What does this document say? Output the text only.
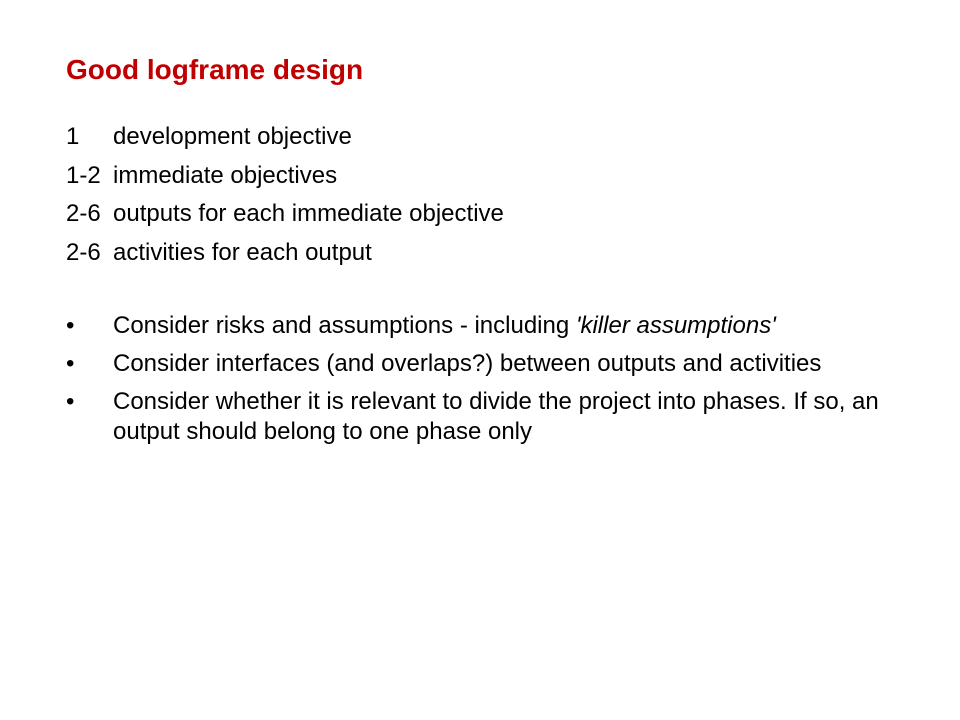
Good logframe design
1	development objective
1-2 immediate objectives
2-6 outputs for each immediate objective
2-6 activities for each output
•	Consider risks and assumptions - including 'killer assumptions'
•	Consider interfaces (and overlaps?) between outputs and activities
•	Consider whether it is relevant to divide the project into phases. If so, an output should belong to one phase only
